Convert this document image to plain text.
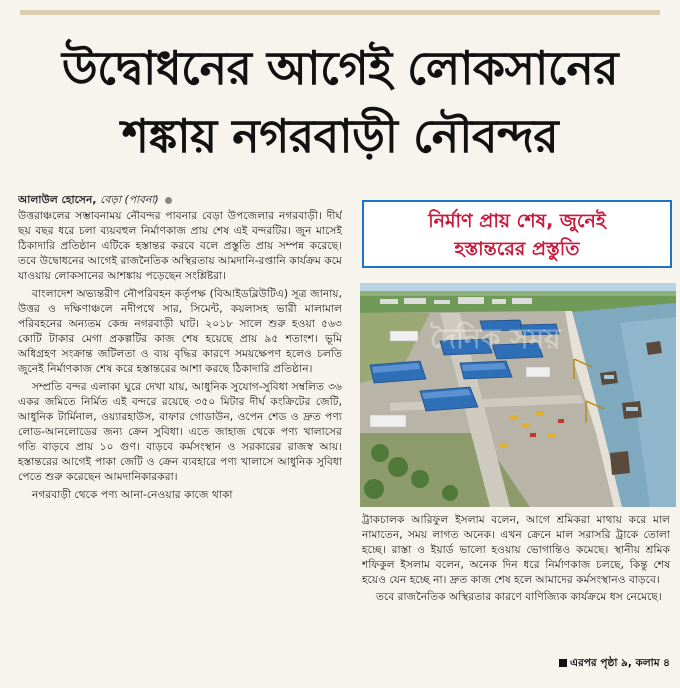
উদ্বোধনের আগেই লোকসানের
শঙ্কায় নগরবাড়ী নৌবন্দর
আলাউল হোসেন, বেড়া (পাবনা)

উত্তরাঞ্চলের সম্ভাবনাময় নৌবন্দর পাবনার বেড়া উপজেলার নগরবাড়ী। দীর্ঘ ছয় বছর ধরে চলা ব্যয়বহুল নির্মাণকাজ প্রায় শেষ এই বন্দরটির। জুন মাসেই ঠিকাদারি প্রতিষ্ঠান এটিকে হস্তান্তর করবে বলে প্রস্তুতি প্রায় সম্পন্ন করেছে। তবে উদ্বোধনের আগেই রাজনৈতিক অস্থিরতায় আমদানি-রপ্তানি কার্যক্রম কমে যাওয়ায় লোকসানের আশঙ্কায় পড়েছেন সংশ্লিষ্টরা।

বাংলাদেশ অভ্যন্তরীণ নৌপরিবহন কর্তৃপক্ষ (বিআইডব্লিউটিএ) সূত্র জানায়, উত্তর ও দক্ষিণাঞ্চলে নদীপথে সার, সিমেন্ট, কয়লাসহ ভারী মালামাল পরিবহনের অন্যতম কেন্দ্র নগরবাড়ী ঘাট। ২০১৮ সালে শুরু হওয়া ৫৬৩ কোটি টাকার মেগা প্রকল্পটির কাজ শেষ হয়েছে প্রায় ৯৫ শতাংশ। ভূমি অধিগ্রহণ সংক্রান্ত জটিলতা ও ব্যয় বৃদ্ধির কারণে সময়ক্ষেপণ হলেও চলতি জুনেই নির্মাণকাজ শেষ করে হস্তান্তরের আশা করছে ঠিকাদারি প্রতিষ্ঠান।

সম্প্রতি বন্দর এলাকা ঘুরে দেখা যায়, আধুনিক সুযোগ-সুবিধা সম্বলিত ৩৬ একর জমিতে নির্মিত এই বন্দরে রয়েছে ৩৫০ মিটার দীর্ঘ কংক্রিটের জেটি, আধুনিক টার্মিনাল, ওয়্যারহাউস, বাফার গোডাউন, ওপেন শেড ও দ্রুত পণ্য লোড-আনলোডের জন্য ক্রেন সুবিধা। এতে জাহাজ থেকে পণ্য খালাসের গতি বাড়বে প্রায় ১০ গুণ। বাড়বে কর্মসংস্থান ও সরকারের রাজস্ব আয়। হস্তান্তরের আগেই পাকা জেটি ও ক্রেন ব্যবহারে পণ্য খালাসে আধুনিক সুবিধা পেতে শুরু করেছেন আমদানিকারকরা।

নগরবাড়ী থেকে পণ্য আনা-নেওয়ার কাজে থাকা

নির্মাণ প্রায় শেষ, জুনেই
হস্তান্তরের প্রস্তুতি
দৈনিক সময়

ট্রাকচালক আরিফুল ইসলাম বলেন, আগে শ্রমিকরা মাথায় করে মাল নামাতেন, সময় লাগত অনেক। এখন ক্রেনে মাল সরাসরি ট্রাকে তোলা হচ্ছে। রাস্তা ও ইয়ার্ড ভালো হওয়ায় ভোগান্তিও কমেছে। স্থানীয় শ্রমিক শফিকুল ইসলাম বলেন, অনেক দিন ধরে নির্মাণকাজ চলছে, কিন্তু শেষ হয়েও যেন হচ্ছে না। দ্রুত কাজ শেষ হলে আমাদের কর্মসংস্থানও বাড়বে।

তবে রাজনৈতিক অস্থিরতার কারণে বাণিজ্যিক কার্যক্রমে ধস নেমেছে।

এরপর পৃষ্ঠা ৯, কলাম ৪
